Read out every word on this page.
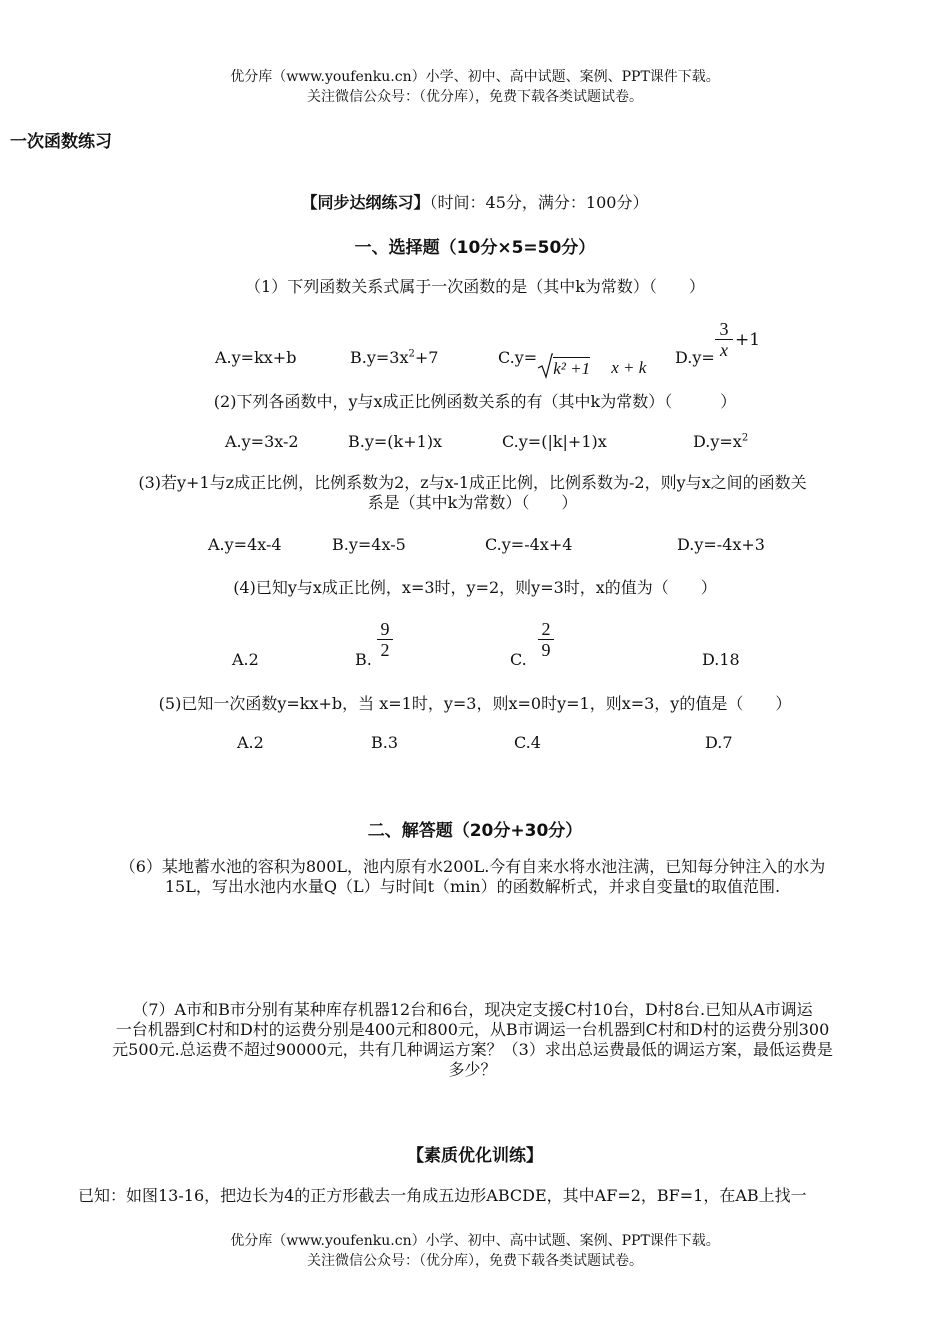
优分库（www.youfenku.cn）小学、初中、高中试题、案例、PPT课件下载。
关注微信公众号：（优分库），免费下载各类试题试卷。
一次函数练习
【同步达纲练习】（时间：45分，满分：100分）
一、选择题（10分×5=50分）
（1）下列函数关系式属于一次函数的是（其中k为常数）（　　）
A.y=kx+b	$B.y=3x^2+7$	C.y=
k² +1 x + k
D.y=
3
x +1
(2)下列各函数中，y与x成正比例函数关系的有（其中k为常数）（　　　）
A.y=3x-2	B.y=(k+1)x	C.y=(|k|+1)x	$D.y=x^2$
(3)若y+1与z成正比例，比例系数为2，z与x-1成正比例，比例系数为-2，则y与x之间的函数关
系是（其中k为常数）（　　）
A.y=4x-4	B.y=4x-5	C.y=-4x+4	D.y=-4x+3
(4)已知y与x成正比例，x=3时，y=2，则y=3时，x的值为（　　）
A.2	B.
9
2	C.
2
9	D.18
(5)已知一次函数y=kx+b，当 x=1时，y=3，则x=0时y=1，则x=3，y的值是（　　）
A.2	B.3	C.4	D.7
二、解答题（20分+30分）
（6）某地蓄水池的容积为800L，池内原有水200L.今有自来水将水池注满，已知每分钟注入的水为
15L，写出水池内水量Q（L）与时间t（min）的函数解析式，并求自变量t的取值范围.
（7）A市和B市分别有某种库存机器12台和6台，现决定支援C村10台，D村8台.已知从A市调运
一台机器到C村和D村的运费分别是400元和800元，从B市调运一台机器到C村和D村的运费分别300
元500元.总运费不超过90000元，共有几种调运方案？（3）求出总运费最低的调运方案，最低运费是
多少？
【素质优化训练】
已知：如图13-16，把边长为4的正方形截去一角成五边形ABCDE，其中AF=2，BF=1，在AB上找一
优分库（www.youfenku.cn）小学、初中、高中试题、案例、PPT课件下载。
关注微信公众号：（优分库），免费下载各类试题试卷。
